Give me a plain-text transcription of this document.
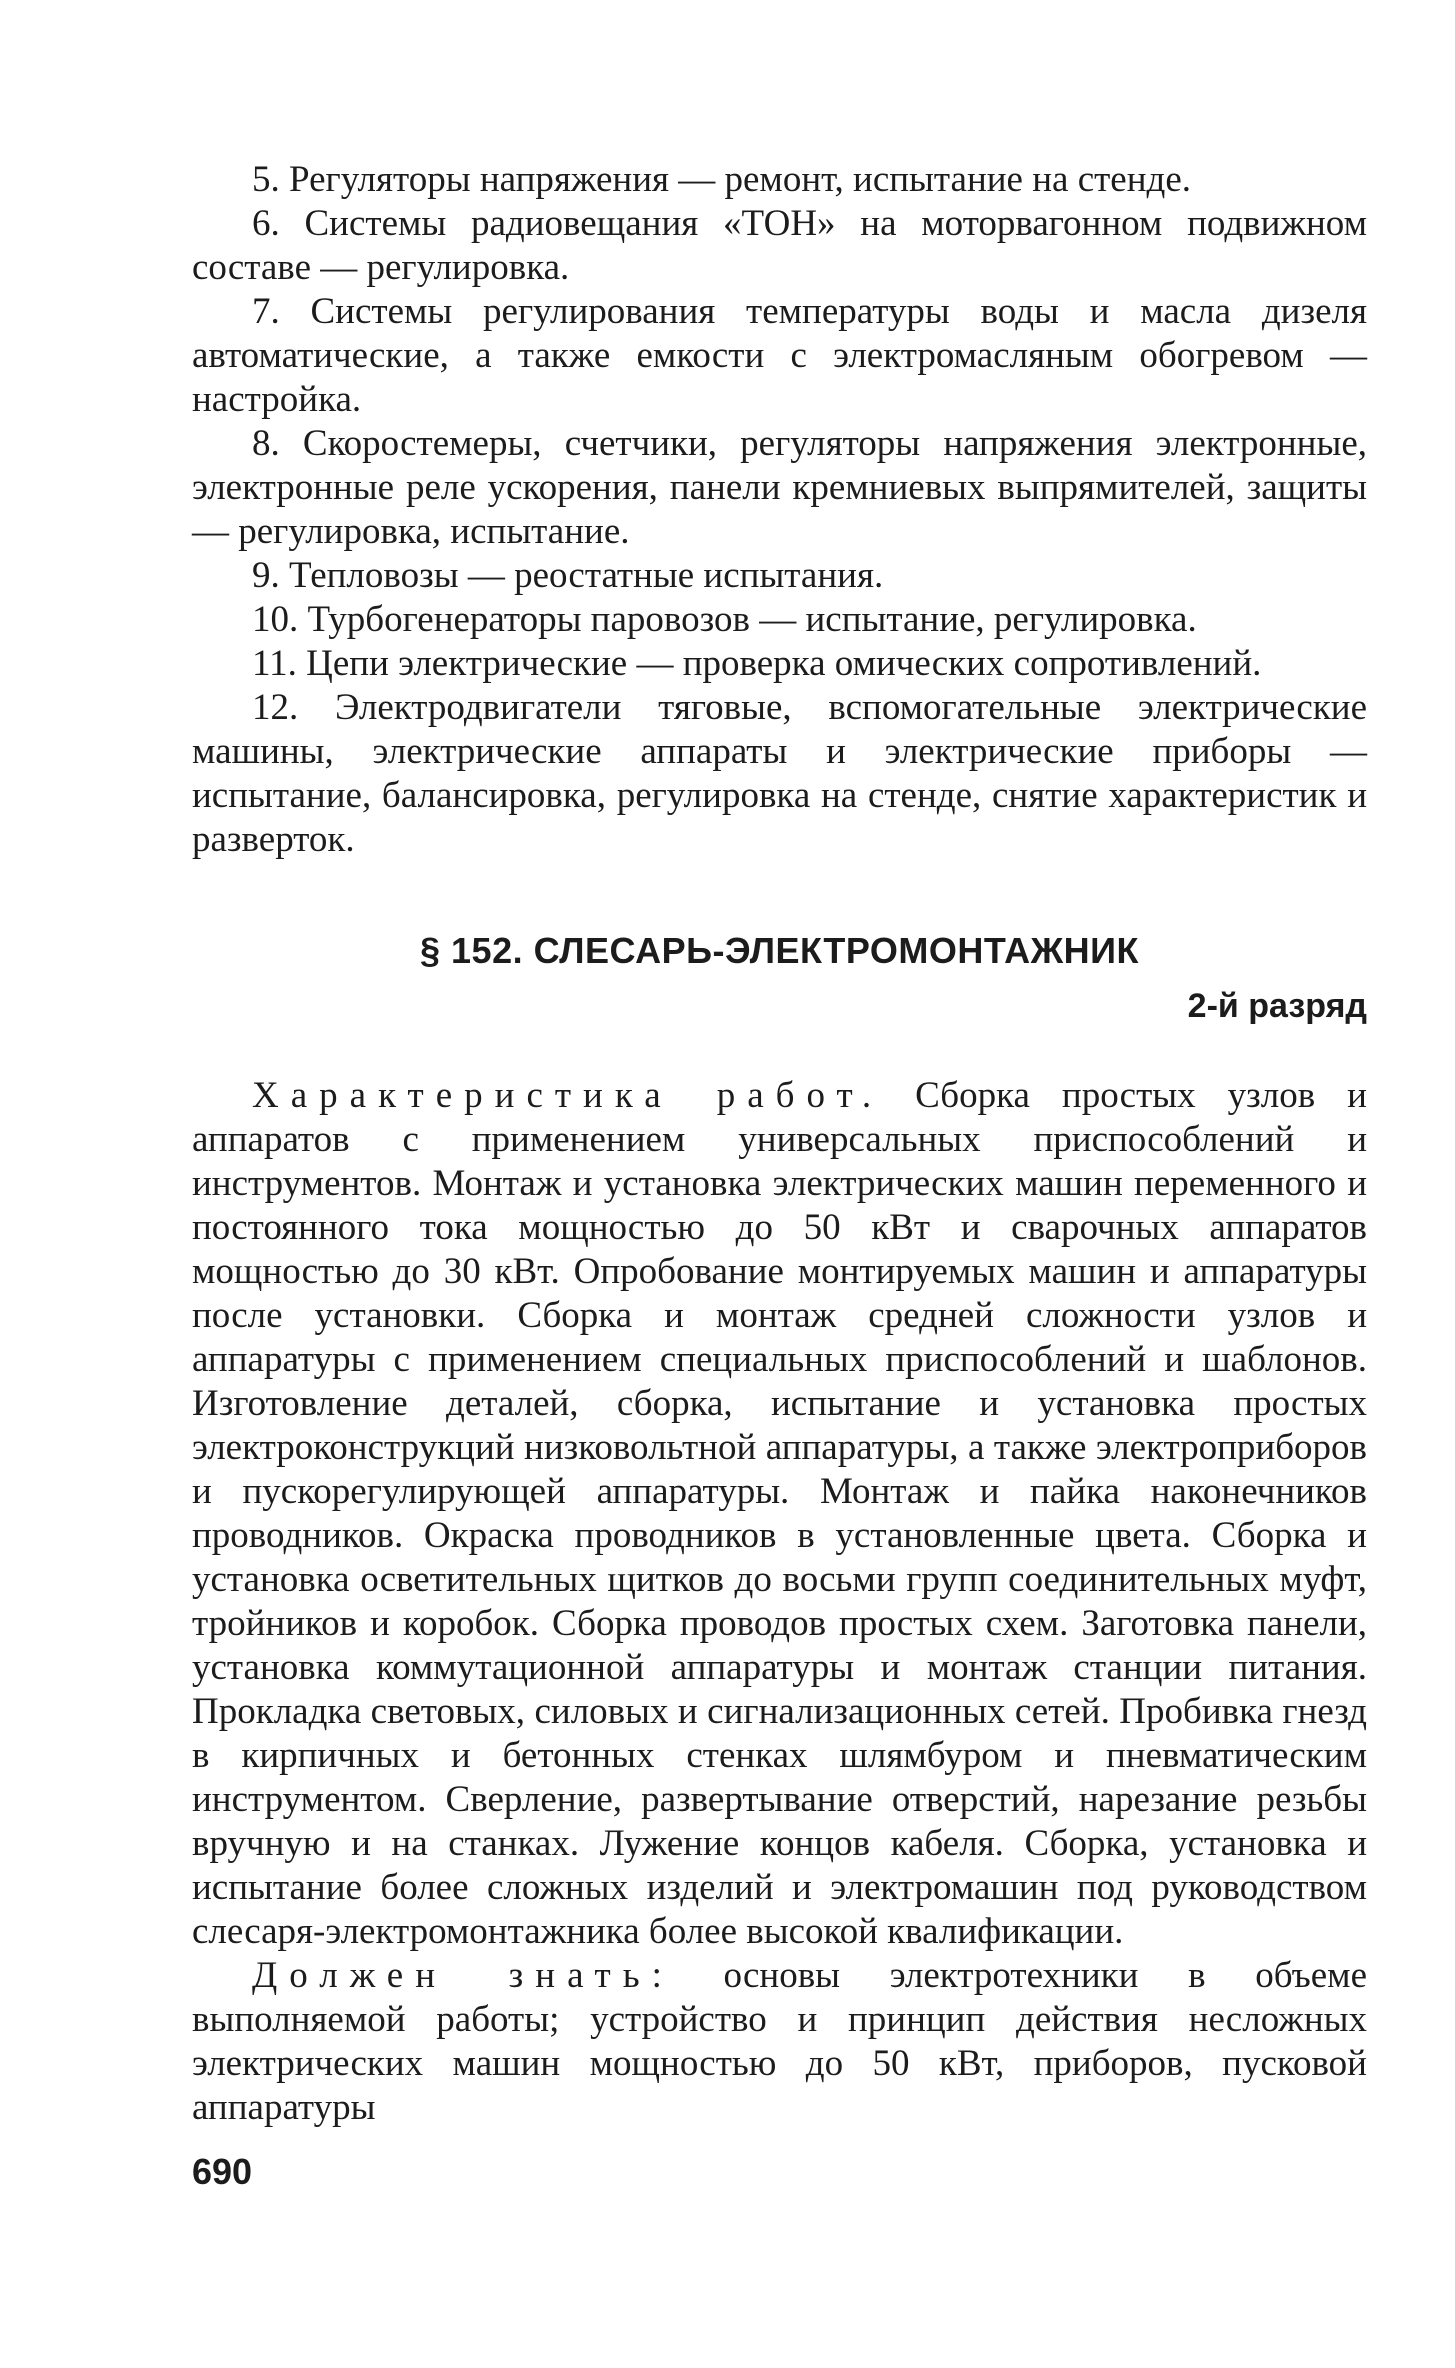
5. Регуляторы напряжения — ремонт, испытание на стенде.

6. Системы радиовещания «ТОН» на моторвагонном подвижном составе — регулировка.

7. Системы регулирования температуры воды и масла дизеля автоматические, а также емкости с электромасляным обогревом — настройка.

8. Скоростемеры, счетчики, регуляторы напряжения электронные, электронные реле ускорения, панели кремниевых выпрямителей, защиты — регулировка, испытание.

9. Тепловозы — реостатные испытания.

10. Турбогенераторы паровозов — испытание, регулировка.

11. Цепи электрические — проверка омических сопротивлений.

12. Электродвигатели тяговые, вспомогательные электрические машины, электрические аппараты и электрические приборы — испытание, балансировка, регулировка на стенде, снятие характеристик и разверток.

§ 152. СЛЕСАРЬ-ЭЛЕКТРОМОНТАЖНИК
2-й разряд

Характеристика работ. Сборка простых узлов и аппаратов с применением универсальных приспособлений и инструментов. Монтаж и установка электрических машин переменного и постоянного тока мощностью до 50 кВт и сварочных аппаратов мощностью до 30 кВт. Опробование монтируемых машин и аппаратуры после установки. Сборка и монтаж средней сложности узлов и аппаратуры с применением специальных приспособлений и шаблонов. Изготовление деталей, сборка, испытание и установка простых электроконструкций низковольтной аппаратуры, а также электроприборов и пускорегулирующей аппаратуры. Монтаж и пайка наконечников проводников. Окраска проводников в установленные цвета. Сборка и установка осветительных щитков до восьми групп соединительных муфт, тройников и коробок. Сборка проводов простых схем. Заготовка панели, установка коммутационной аппаратуры и монтаж станции питания. Прокладка световых, силовых и сигнализационных сетей. Пробивка гнезд в кирпичных и бетонных стенках шлямбуром и пневматическим инструментом. Сверление, развертывание отверстий, нарезание резьбы вручную и на станках. Лужение концов кабеля. Сборка, установка и испытание более сложных изделий и электромашин под руководством слесаря-электромонтажника более высокой квалификации.

Должен знать: основы электротехники в объеме выполняемой работы; устройство и принцип действия несложных электрических машин мощностью до 50 кВт, приборов, пусковой аппаратуры

690
